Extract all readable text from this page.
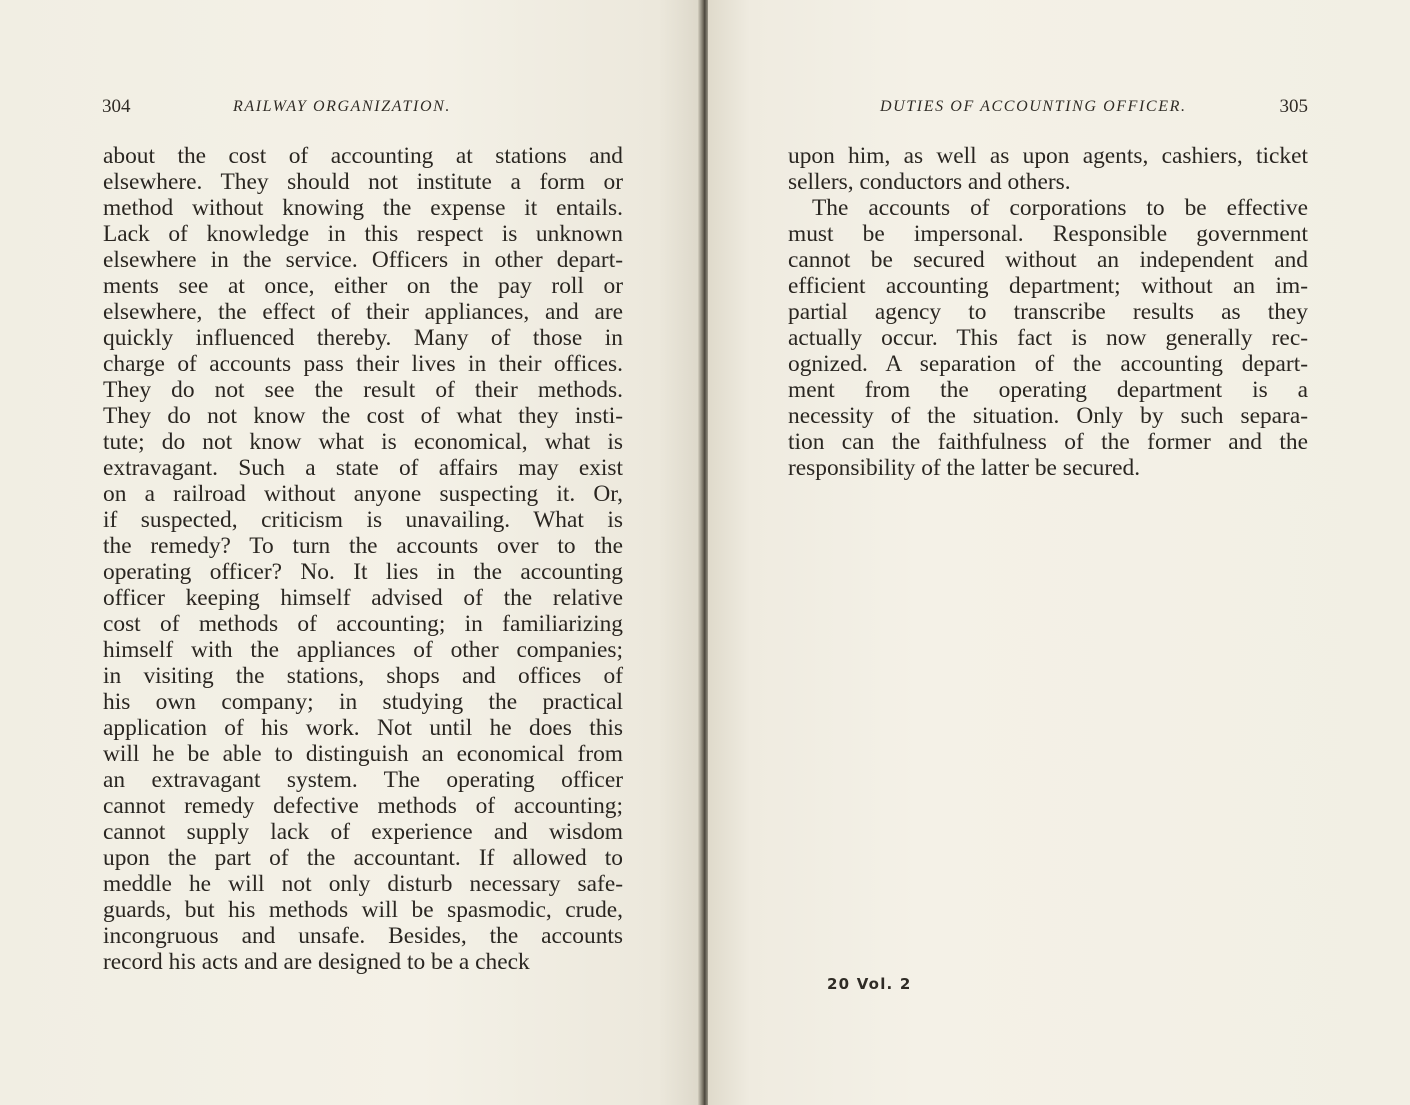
304	RAILWAY ORGANIZATION.
about the cost of accounting at stations and
elsewhere. They should not institute a form or
method without knowing the expense it entails.
Lack of knowledge in this respect is unknown
elsewhere in the service. Officers in other depart-
ments see at once, either on the pay roll or
elsewhere, the effect of their appliances, and are
quickly influenced thereby. Many of those in
charge of accounts pass their lives in their offices.
They do not see the result of their methods.
They do not know the cost of what they insti-
tute; do not know what is economical, what is
extravagant. Such a state of affairs may exist
on a railroad without anyone suspecting it. Or,
if suspected, criticism is unavailing. What is
the remedy? To turn the accounts over to the
operating officer? No. It lies in the accounting
officer keeping himself advised of the relative
cost of methods of accounting; in familiarizing
himself with the appliances of other companies;
in visiting the stations, shops and offices of
his own company; in studying the practical
application of his work. Not until he does this
will he be able to distinguish an economical from
an extravagant system. The operating officer
cannot remedy defective methods of accounting;
cannot supply lack of experience and wisdom
upon the part of the accountant. If allowed to
meddle he will not only disturb necessary safe-
guards, but his methods will be spasmodic, crude,
incongruous and unsafe. Besides, the accounts
record his acts and are designed to be a check
DUTIES OF ACCOUNTING OFFICER.	305
upon him, as well as upon agents, cashiers, ticket
sellers, conductors and others.
The accounts of corporations to be effective
must be impersonal. Responsible government
cannot be secured without an independent and
efficient accounting department; without an im-
partial agency to transcribe results as they
actually occur. This fact is now generally rec-
ognized. A separation of the accounting depart-
ment from the operating department is a
necessity of the situation. Only by such separa-
tion can the faithfulness of the former and the
responsibility of the latter be secured.
20 Vol. 2
